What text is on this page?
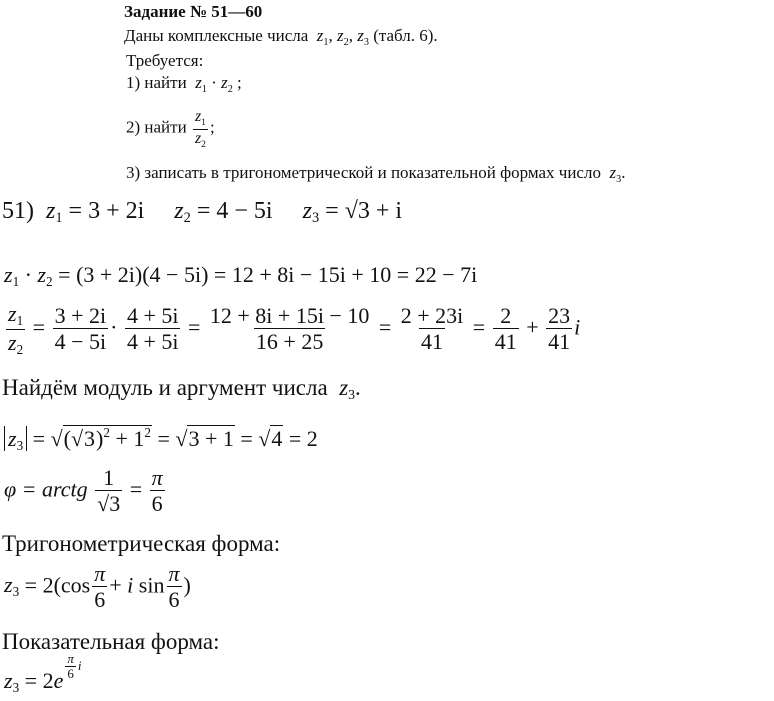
Задание № 51—60
Даны комплексные числа  $z_1$, $z_2$, $z_3$ (табл. 6).
Требуется:
1) найти  $z_1 \cdot z_2$ ;
2) найти $\frac{z_1}{z_2}$ ;
3) записать в тригонометрической и показательной формах число  $z_3$.
51) $z_1 = 3 + 2i$ $z_2 = 4 - 5i$ $z_3 = √3 + i$
$z_1 \cdot z_2 = (3 + 2i)(4 - 5i) = 12 + 8i - 15i + 10 = 22 - 7i$
$\frac{z_1}{z_2} = \frac{3 + 2i}{4 - 5i} \cdot \frac{4 + 5i}{4 + 5i} = \frac{12 + 8i + 15i - 10}{16 + 25} = \frac{2 + 23i}{41} = \frac{2}{41} + \frac{23}{41}$ i
Найдём модуль и аргумент числа  $z_3$.
$z_3 = √(√3)^2 + 1^2 = √3 + 1 = √4 = 2$
φ = arctg $\frac{1}{√3} = \frac{\pi}{6}$
Тригонометрическая форма:
$z_3 = 2(\cos \frac{\pi}{6} + i$ $\sin \frac{\pi}{6}$ )
Показательная форма:
$z_3 = 2e \frac{\pi}{6}$ i
